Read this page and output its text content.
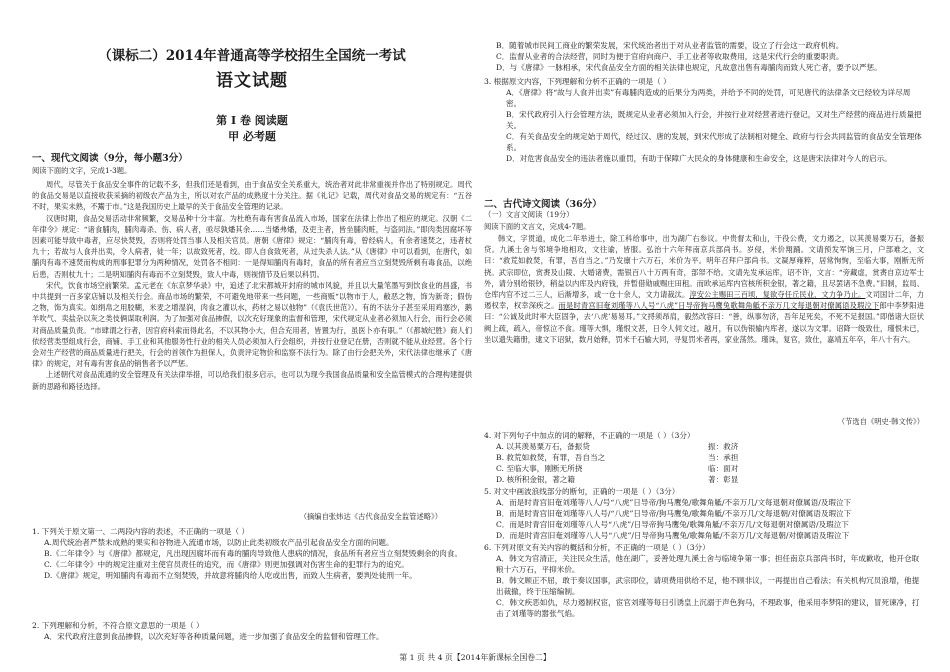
（课标二）2014年普通高等学校招生全国统一考试
语文试题
第 I 卷 阅读题
甲 必考题
一、现代文阅读（9分，每小题3分）
阅读下面的文字，完成1-3题。

周代，尽管关于食品安全事件的记载不多，但我们还是看到，由于食品安全关系重大，统治者对此非常重视并作出了特别规定。周代的食品交易是以直接收获采摘的初级农产品为主，所以对农产品的成熟度十分关注。据《礼记》记载，周代对食品交易的规定有：“五谷不时，果实未熟，不鬻于市。”这是我国历史上最早的关于食品安全管理的记录。

汉唐时期，食品交易活动非常频繁，交易品种十分丰富。为杜绝有毒有害食品流入市场，国家在法律上作出了相应的规定。汉朝《二年律令》规定：“诸食脯肉，脯肉毒杀、伤、病人者，亟尽孰燔其余……当燔弗燔，及吏主者，皆坐脯肉赃，与盗同法。”即肉类因腐坏等因素可能导致中毒者，应尽快焚毁，否则将处罚当事人及相关官员。唐朝《唐律》规定：“脯肉有毒，曾经病人，有余者速焚之，违者杖九十；若故与人食并出卖，令人病者，徒一年；以故致死者，绞。即人自食致死者，从过失杀人法。”从《唐律》中可以看到，在唐代，如脯肉有毒不速焚而构成的刑事犯罪分为两种情况，处罚各不相同：一是得知脯肉有毒时，食品的所有者应当立刻焚毁所剩有毒食品，以绝后患，否则杖九十；二是明知脯肉有毒而不立刻焚毁，致人中毒，则视情节及后果以科罚。

宋代，饮食市场空前繁荣。孟元老在《东京梦华录》中，追述了北宋都城开封府的城市风貌，并且以大量笔墨写到饮食业的昌盛，书中共提到一百多家店铺以及相关行会。商品市场的繁荣，不可避免地带来一些问题，一些商贩“以物市于人，敝恶之物，饰为新奇；假伪之物，饰为真实。如绢帛之用胶糊，米麦之增湿润，肉食之灌以水，药材之易以他物”（《袁氏世范》）。有的不法分子甚至采用鸡塞沙，鹅羊吹气、卖盐杂以灰之类伎俩谋取利润。为了加强对食品掺假，以次充好现象的监督和管理，宋代规定从业者必须加入行会，而行会必须对商品质量负责。“市肆谓之行者，因官府科索而得此名，不以其物小大，但合充用者，皆置为行，虽医卜亦有职。”（《都城纪胜》商人们依经营类型组成行会，商铺、手工业和其他服务性行业的相关人员必须加入行会组织，并按行业登记在册，否则就不能从业经营。各个行会对生产经营的商品质量进行把关，行会的首领作为担保人，负责评定物价和监察不法行为。除了由行会把关外，宋代法律也继承了《唐律》的规定，对有毒有害食品的销售者予以严惩。

上述朝代对食品流通的安全管理及有关法律举措，可以给我们很多启示，也可以为现今我国食品质量和安全监管模式的合理构建提供新的思路和路径选择。

（摘编自张炜达《古代食品安全监管述略》）

1. 下列关于原文第一、二两段内容的表述，不正确的一项是（ ）

A.周代统治者严禁未成熟的果实和谷物进入流通市场，以防止此类初级农产品引起食品安全方面的问题。

B.《二年律令》与《唐律》都规定，凡出现因腐坏而有毒的脯肉导致他人患病的情况，食品所有者应当立刻焚毁剩余的肉食。

C.《二年律令》中的规定注重对主使官员责任的追究，而《唐律》则更加强调对伤害生命的犯罪行为的追究。

D.《唐律》规定，明知脯肉有毒而不立刻焚毁，并故意将脯肉给人吃或出售，而致人生病者，要判处徒刑一年。

2. 下列理解和分析，不符合原文意思的一项是（ ）

A．宋代政府注意到食品掺假，以次充好等各种质量问题，进一步加强了食品安全的监督和管理工作。

B．随着城市民间工商业的繁荣发展，宋代统治者出于对从业者监管的需要，设立了行会这一政府机构。

C．监督从业者的合法经营，同时为便于官府向商户、手工业者等收取费用，这是宋代行会的重要职责。

D．与《唐律》一脉相承，宋代食品安全方面的相关法律也规定，凡故意出售有毒脯肉而致人死亡者，要予以严惩。

3. 根据原文内容，下列理解和分析不正确的一项是（ ）

A．《唐律》将“故与人食并出卖”有毒脯肉造成的后果分为两类，并给予不同的处罚，可见唐代的法律条文已经较为详尽周密。

B．宋代政府引入行会管理方法，既规定从业者必须加入行会，并按行业对经营者进行登记，又对生产经营的商品进行质量把关。

C．有关食品安全的规定始于周代，经过汉、唐的发展，到宋代形成了法制相对健全、政府与行会共同监管的食品安全管理体系。

D．对危害食品安全的违法者施以重罚，有助于保障广大民众的身体健康和生命安全，这是唐宋法律对今人的启示。

二、古代诗文阅读（36分）
（一）文言文阅读（19分）
阅读下面的文言文，完成4-7题。

韩文，字贯道，成化二年举进士，除工科给事中，出为湖广右参议。中贵督太和山，干役公费，文力遏之，以其羡易粟万石，备振贷。九溪土舍与邻境争地相攻，文往谕，皆服。弘治十六年拜南京兵部尚书。岁侵，米价翔踊。文请预发军饷三月，户部难之，文曰：“救荒如救焚，有罪，吾自当之。”乃发廪十六万石，米价为平。明年召拜户部尚书。文凝厚雍粹，居常恂恂，至临大事，刚断无所挠。武宗即位，赏赉及山陵、大婚诸费，需银百八十万两有奇，部帑不给。文请先发承运库，诏不许，文言：“旁藏虚，赏赉自京边军士外，请分别给银钞，稍益以内库及内府钱，并暂借勋戚赐庄田租。而欧承运库内官核所积金银，著之籍，且尽罢诸不急费。”旧制，监局、仓库内官不过二三人，后渐增多，或一仓十余人，文力请裁汰。淳安公主赐田三百顷，复欲夺任丘民业，文力争乃止。文司国计二年，力遏权幸，权幸深疾之。而是时青宫旧奄刘瑾等八人号“八虎”日导帝狗马鹰兔歌舞角觝不亲万几文每退朝对僚属语及瑕泣下郎中李梦阳进曰：“公诚及此时率大臣固争，去‘八虎’易易耳。”文捋须昂肩，毅然改容曰：“善，纵事勿济，吾年足死矣，不死不足报国。”即偕诸大臣伏阙上疏，疏入，帝惊泣不食。瑾等大惧，瑾恨文甚，日令人伺文过。越月，有以伪银输内库者，遂以为文罪。诏降一级致仕，瑾恨未已，坐以遗失籍册，逮文下诏狱，数月始释，罚米千石输大同，寻复罚米者再，家业荡然。瑾诛，复官，致仕，嘉靖五年卒，年八十有六。

（节选自《明史·韩文传》）

4. 对下列句子中加点的词的解释，不正确的一项是（ ）（3分）

A. 以其羡易粟万石，备振贷	振：救济
B. 救荒如救焚，有罪，吾自当之	当：承担
C. 至临大事，刚断无所挠	临：面对
D. 核所积金银，著之籍	著：彰显

5. 对文中画波浪线部分的断句，正确的一项是（ ）（3分）

A．而是时青宫旧奄刘瑾等八人/号“八虎”日导帝/狗马鹰兔/歌舞角觝/不亲万几/文每退朝对僚属语/及瑕泣下

B．而是时青宫旧奄刘瑾等八人号/“八虎”日导帝/狗马鹰兔/歌舞角觝/不亲万几/文每退朝/对僚属语及瑕泣下

C．而是时青宫旧奄刘瑾等八人号“八虎”/日导帝狗马鹰兔/歌舞角觝/不亲万几/文每退朝对僚属语/及瑕泣下

D．而是时青宫旧奄刘瑾等八人号“八虎”/日导帝狗马鹰兔/歌舞角觝/不亲万几/文每退朝/对僚属语及瑕泣下

6. 下列对原文有关内容的概括和分析，不正确的一项是（ ）（3分）

A．韩文为官清正，关注民众生活，他在湖广，妥善处理九溪土舍与临境争第一事；担任南京兵部尚书时，年成歉收，他开仓取粮十六万石，平抑米价。

B．韩文顾正不屈，敢于奏议国事，武宗即位，请项费用供给不足，他不顾非议，一再提出自己看法；有关机构冗员浪增，他提出裁撤，终于压缩编制。

C．韩文疾恶如仇，尽力遏制权宦，宦官刘瑾等每日引诱皇上沉溺于声色狗马，不理政事，他采用李梦阳的建议，冒死谏净，打击了刘瑾等的嚣张气焰。

第 1 页 共 4 页【2014年新课标全国卷二】
